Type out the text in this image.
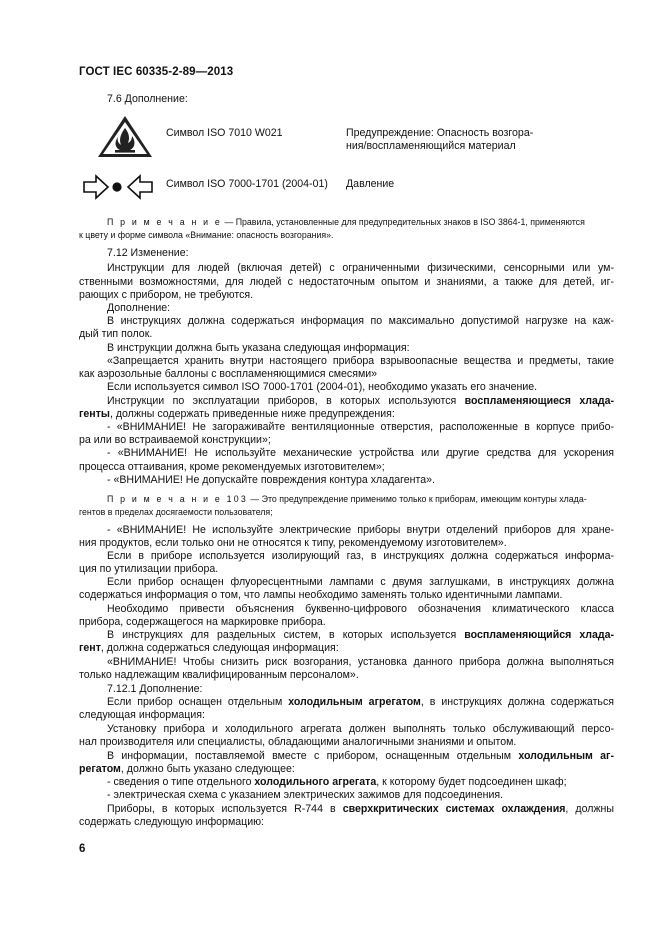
ГОСТ IEC 60335-2-89—2013
7.6 Дополнение:
Символ ISO 7010 W021	Предупреждение: Опасность возгора-
ния/воспламеняющийся материал
Символ ISO 7000-1701 (2004-01) Давление
П р и м е ч а н и е — Правила, установленные для предупредительных знаков в ISO 3864-1, применяются
к цвету и форме символа «Внимание: опасность возгорания».
7.12 Изменение:
Инструкции для людей (включая детей) с ограниченными физическими, сенсорными или ум-
ственными возможностями, для людей с недостаточным опытом и знаниями, а также для детей, иг-
рающих с прибором, не требуются.
Дополнение:
В инструкциях должна содержаться информация по максимально допустимой нагрузке на каж-
дый тип полок.
В инструкции должна быть указана следующая информация:
«Запрещается хранить внутри настоящего прибора взрывоопасные вещества и предметы, такие
как аэрозольные баллоны с воспламеняющимися смесями»
Если используется символ ISO 7000-1701 (2004-01), необходимо указать его значение.
Инструкции по эксплуатации приборов, в которых используются воспламеняющиеся хлада-
генты, должны содержать приведенные ниже предупреждения:
- «ВНИМАНИЕ! Не загораживайте вентиляционные отверстия, расположенные в корпусе прибо-
ра или во встраиваемой конструкции»;
- «ВНИМАНИЕ! Не используйте механические устройства или другие средства для ускорения
процесса оттаивания, кроме рекомендуемых изготовителем»;
- «ВНИМАНИЕ! Не допускайте повреждения контура хладагента».
П р и м е ч а н и е 103 — Это предупреждение применимо только к приборам, имеющим контуры хлада-
гентов в пределах досягаемости пользователя;
- «ВНИМАНИЕ! Не используйте электрические приборы внутри отделений приборов для хране-
ния продуктов, если только они не относятся к типу, рекомендуемому изготовителем».
Если в приборе используется изолирующий газ, в инструкциях должна содержаться информа-
ция по утилизации прибора.
Если прибор оснащен флуоресцентными лампами с двумя заглушками, в инструкциях должна
содержаться информация о том, что лампы необходимо заменять только идентичными лампами.
Необходимо привести объяснения буквенно-цифрового обозначения климатического класса
прибора, содержащегося на маркировке прибора.
В инструкциях для раздельных систем, в которых используется воспламеняющийся хлада-
гент, должна содержаться следующая информация:
«ВНИМАНИЕ! Чтобы снизить риск возгорания, установка данного прибора должна выполняться
только надлежащим квалифицированным персоналом».
7.12.1 Дополнение:
Если прибор оснащен отдельным холодильным агрегатом, в инструкциях должна содержаться
следующая информация:
Установку прибора и холодильного агрегата должен выполнять только обслуживающий персо-
нал производителя или специалисты, обладающими аналогичными знаниями и опытом.
В информации, поставляемой вместе с прибором, оснащенным отдельным холодильным аг-
регатом, должно быть указано следующее:
- сведения о типе отдельного холодильного агрегата, к которому будет подсоединен шкаф;
- электрическая схема с указанием электрических зажимов для подсоединения.
Приборы, в которых используется R-744 в сверхкритических системах охлаждения, должны
содержать следующую информацию:
6
